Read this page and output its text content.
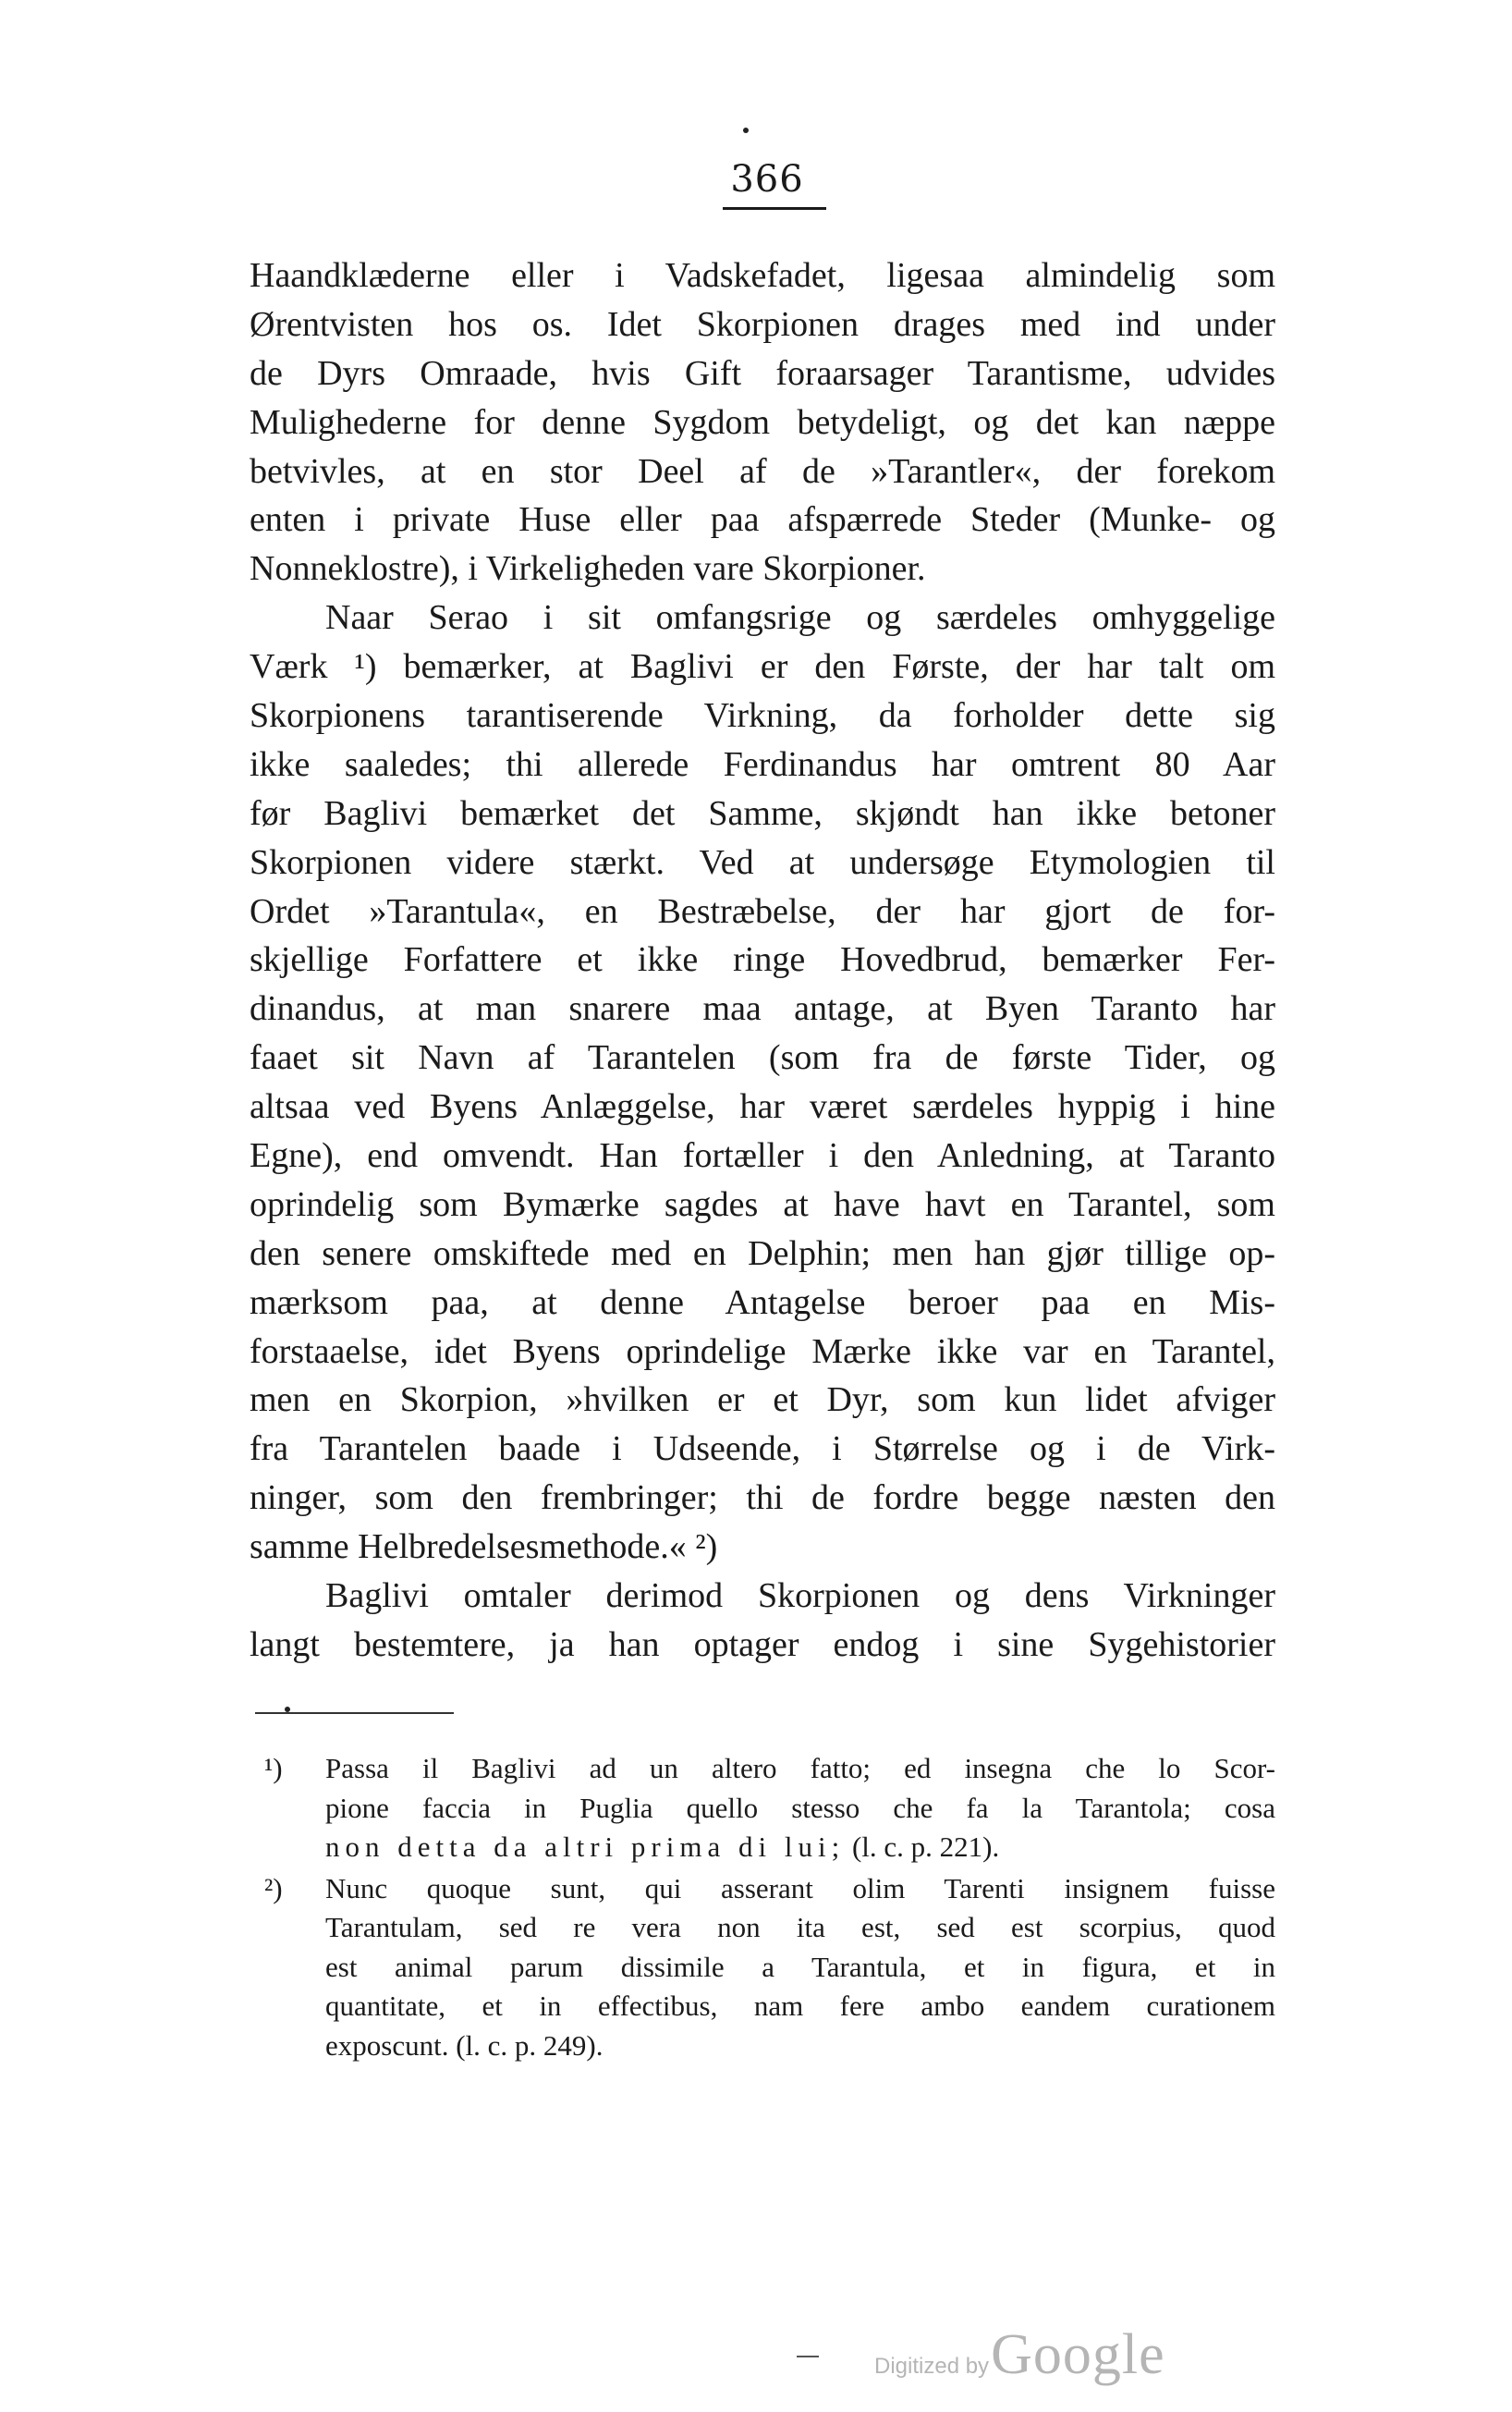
366
Haandklæderne eller i Vadskefadet, ligesaa almindelig som
Ørentvisten hos os. Idet Skorpionen drages med ind under
de Dyrs Omraade, hvis Gift foraarsager Tarantisme, udvides
Mulighederne for denne Sygdom betydeligt, og det kan næppe
betvivles, at en stor Deel af de »Tarantler«, der forekom
enten i private Huse eller paa afspærrede Steder (Munke- og
Nonneklostre), i Virkeligheden vare Skorpioner.
Naar Serao i sit omfangsrige og særdeles omhyggelige
Værk ¹) bemærker, at Baglivi er den Første, der har talt om
Skorpionens tarantiserende Virkning, da forholder dette sig
ikke saaledes; thi allerede Ferdinandus har omtrent 80 Aar
før Baglivi bemærket det Samme, skjøndt han ikke betoner
Skorpionen videre stærkt. Ved at undersøge Etymologien til
Ordet »Tarantula«, en Bestræbelse, der har gjort de for-
skjellige Forfattere et ikke ringe Hovedbrud, bemærker Fer-
dinandus, at man snarere maa antage, at Byen Taranto har
faaet sit Navn af Tarantelen (som fra de første Tider, og
altsaa ved Byens Anlæggelse, har været særdeles hyppig i hine
Egne), end omvendt. Han fortæller i den Anledning, at Taranto
oprindelig som Bymærke sagdes at have havt en Tarantel, som
den senere omskiftede med en Delphin; men han gjør tillige op-
mærksom paa, at denne Antagelse beroer paa en Mis-
forstaaelse, idet Byens oprindelige Mærke ikke var en Tarantel,
men en Skorpion, »hvilken er et Dyr, som kun lidet afviger
fra Tarantelen baade i Udseende, i Størrelse og i de Virk-
ninger, som den frembringer; thi de fordre begge næsten den
samme Helbredelsesmethode.« ²)
Baglivi omtaler derimod Skorpionen og dens Virkninger
langt bestemtere, ja han optager endog i sine Sygehistorier
¹) Passa il Baglivi ad un altero fatto; ed insegna che lo Scor-
pione faccia in Puglia quello stesso che fa la Tarantola; cosa
non detta da altri prima di lui; (l. c. p. 221).
²) Nunc quoque sunt, qui asserant olim Tarenti insignem fuisse
Tarantulam, sed re vera non ita est, sed est scorpius, quod
est animal parum dissimile a Tarantula, et in figura, et in
quantitate, et in effectibus, nam fere ambo eandem curationem
exposcunt. (l. c. p. 249).
Digitized by Google
